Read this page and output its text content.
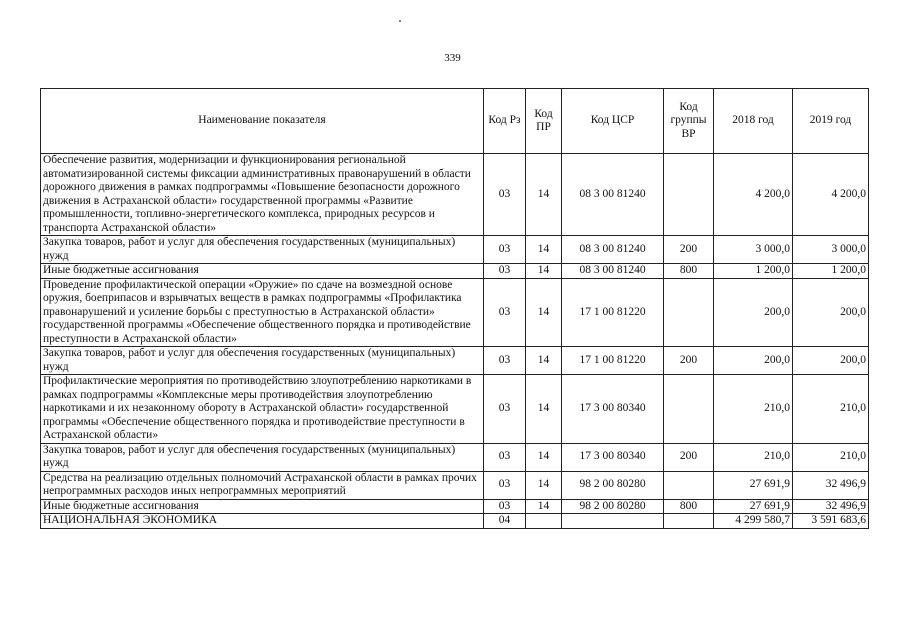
339
Наименование показателя	Код Рз	Код ПР	Код ЦСР	Код группы ВР	2018 год	2019 год
Обеспечение развития, модернизации и функционирования региональной автоматизированной системы фиксации административных правонарушений в области дорожного движения в рамках подпрограммы «Повышение безопасности дорожного движения в Астраханской области» государственной программы «Развитие промышленности, топливно-энергетического комплекса, природных ресурсов и транспорта Астраханской области»	03	14	08 3 00 81240		4 200,0	4 200,0
Закупка товаров, работ и услуг для обеспечения государственных (муниципальных) нужд	03	14	08 3 00 81240	200	3 000,0	3 000,0
Иные бюджетные ассигнования	03	14	08 3 00 81240	800	1 200,0	1 200,0
Проведение профилактической операции «Оружие» по сдаче на возмездной основе оружия, боеприпасов и взрывчатых веществ в рамках подпрограммы «Профилактика правонарушений и усиление борьбы с преступностью в Астраханской области» государственной программы «Обеспечение общественного порядка и противодействие преступности в Астраханской области»	03	14	17 1 00 81220		200,0	200,0
Закупка товаров, работ и услуг для обеспечения государственных (муниципальных) нужд	03	14	17 1 00 81220	200	200,0	200,0
Профилактические мероприятия по противодействию злоупотреблению наркотиками в рамках подпрограммы «Комплексные меры противодействия злоупотреблению наркотиками и их незаконному обороту в Астраханской области» государственной программы «Обеспечение общественного порядка и противодействие преступности в Астраханской области»	03	14	17 3 00 80340		210,0	210,0
Закупка товаров, работ и услуг для обеспечения государственных (муниципальных) нужд	03	14	17 3 00 80340	200	210,0	210,0
Средства на реализацию отдельных полномочий Астраханской области в рамках прочих непрограммных расходов иных непрограммных мероприятий	03	14	98 2 00 80280		27 691,9	32 496,9
Иные бюджетные ассигнования	03	14	98 2 00 80280	800	27 691,9	32 496,9
НАЦИОНАЛЬНАЯ ЭКОНОМИКА	04				4 299 580,7	3 591 683,6
